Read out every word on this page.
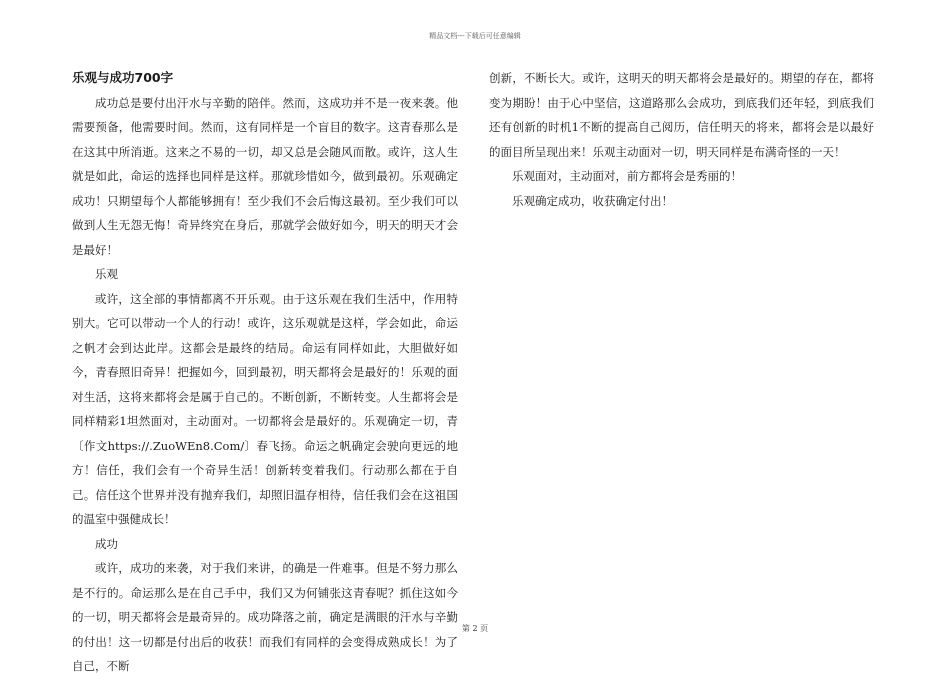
精品文档---下载后可任意编辑
乐观与成功700字

成功总是要付出汗水与辛勤的陪伴。然而，这成功并不是一夜来袭。他需要预备，他需要时间。然而，这有同样是一个盲目的数字。这青春那么是在这其中所消逝。这来之不易的一切，却又总是会随风而散。或许，这人生就是如此，命运的选择也同样是这样。那就珍惜如今，做到最初。乐观确定成功！只期望每个人都能够拥有！至少我们不会后悔这最初。至少我们可以做到人生无怨无悔！奇异终究在身后，那就学会做好如今，明天的明天才会是最好！

乐观

或许，这全部的事情都离不开乐观。由于这乐观在我们生活中，作用特别大。它可以带动一个人的行动！或许，这乐观就是这样，学会如此，命运之帆才会到达此岸。这都会是最终的结局。命运有同样如此，大胆做好如今，青春照旧奇异！把握如今，回到最初，明天都将会是最好的！乐观的面对生活，这将来都将会是属于自己的。不断创新，不断转变。人生都将会是同样精彩1坦然面对，主动面对。一切都将会是最好的。乐观确定一切，青〔作文https://.ZuoWEn8.Com/〕春飞扬。命运之帆确定会驶向更远的地方！信任，我们会有一个奇异生活！创新转变着我们。行动那么都在于自己。信任这个世界并没有抛弃我们，却照旧温存相待，信任我们会在这祖国的温室中强健成长！

成功

或许，成功的来袭，对于我们来讲，的确是一件难事。但是不努力那么是不行的。命运那么是在自己手中，我们又为何铺张这青春呢？抓住这如今的一切，明天都将会是最奇异的。成功降落之前，确定是满眼的汗水与辛勤的付出！这一切都是付出后的收获！而我们有同样的会变得成熟成长！为了自己，不断

创新，不断长大。或许，这明天的明天都将会是最好的。期望的存在，都将变为期盼！由于心中坚信，这道路那么会成功，到底我们还年轻，到底我们还有创新的时机1不断的提高自己阅历，信任明天的将来，都将会是以最好的面目所呈现出来！乐观主动面对一切，明天同样是布满奇怪的一天！

乐观面对，主动面对，前方都将会是秀丽的！

乐观确定成功，收获确定付出！

第 2 页
